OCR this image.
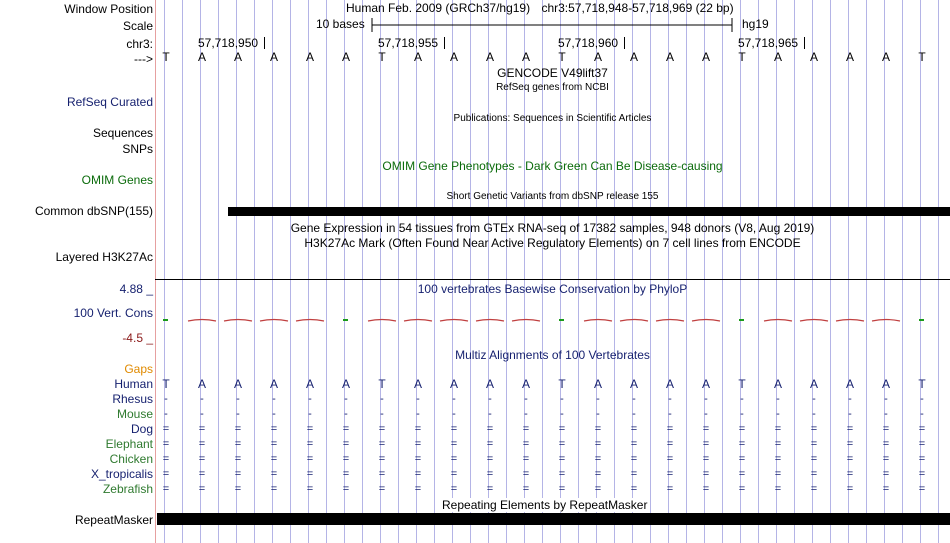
Window Position
Scale
chr3:
--->
Human Feb. 2009 (GRCh37/hg19) chr3:57,718,948-57,718,969 (22 bp)
10 bases	hg19
57,718,950	57,718,955	57,718,960	57,718,965
T A A A A A T A A A A T A A A A T A A A A T
GENCODE V49lift37
RefSeq genes from NCBI
RefSeq Curated
Publications: Sequences in Scientific Articles
Sequences
SNPs
OMIM Gene Phenotypes - Dark Green Can Be Disease-causing
OMIM Genes
Short Genetic Variants from dbSNP release 155
Common dbSNP(155)
Gene Expression in 54 tissues from GTEx RNA-seq of 17382 samples, 948 donors (V8, Aug 2019)
H3K27Ac Mark (Often Found Near Active Regulatory Elements) on 7 cell lines from ENCODE
Layered H3K27Ac
4.88 _	100 vertebrates Basewise Conservation by PhyloP
100 Vert. Cons
-4.5 _
Multiz Alignments of 100 Vertebrates
Gaps
Human T A A A A A T A A A A T A A A A T A A A A T
Rhesus	-	-	-	-	-	-	-	-	-	-	-	-	-	-	-	-	-	-	-	-	-	-
Mouse	-	-	-	-	-	-	-	-	-	-	-	-	-	-	-	-	-	-	-	-	-	-
Dog =	=	=	=	=	=	=	=	=	=	=	=	=	=	=	=	=	=	=	=	=	=
Elephant =	=	=	=	=	=	=	=	=	=	=	=	=	=	=	=	=	=	=	=	=	=
Chicken =	=	=	=	=	=	=	=	=	=	=	=	=	=	=	=	=	=	=	=	=	=
X_tropicalis =	=	=	=	=	=	=	=	=	=	=	=	=	=	=	=	=	=	=	=	=	=
Zebrafish =	=	=	=	=	=	=	=	=	=	=	=	=	=	=	=	=	=	=	=	=	=
Repeating Elements by RepeatMasker
RepeatMasker
